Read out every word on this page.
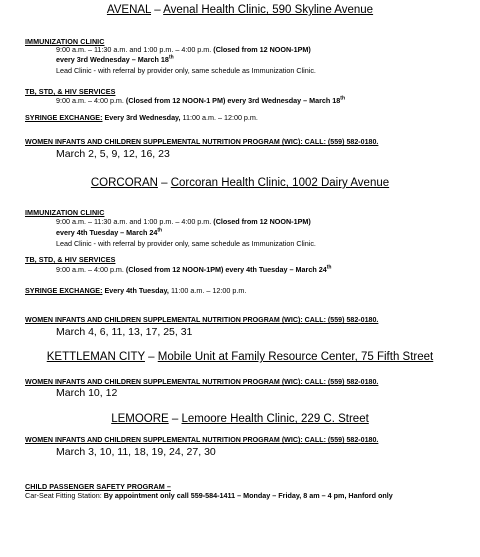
AVENAL – Avenal Health Clinic, 590 Skyline Avenue
IMMUNIZATION CLINIC
9:00 a.m. – 11:30 a.m. and 1:00 p.m. – 4:00 p.m. (Closed from 12 NOON-1PM)
every 3rd Wednesday – March 18th
Lead Clinic - with referral by provider only, same schedule as Immunization Clinic.
TB, STD, & HIV SERVICES
9:00 a.m. – 4:00 p.m. (Closed from 12 NOON-1 PM) every 3rd Wednesday – March 18th
SYRINGE EXCHANGE: Every 3rd Wednesday, 11:00 a.m. – 12:00 p.m.
WOMEN INFANTS AND CHILDREN SUPPLEMENTAL NUTRITION PROGRAM (WIC): CALL: (559) 582-0180.
March 2, 5, 9, 12, 16, 23
CORCORAN – Corcoran Health Clinic, 1002 Dairy Avenue
IMMUNIZATION CLINIC
9:00 a.m. – 11:30 a.m. and 1:00 p.m. – 4:00 p.m. (Closed from 12 NOON-1PM)
every 4th Tuesday – March 24th
Lead Clinic - with referral by provider only, same schedule as Immunization Clinic.
TB, STD, & HIV SERVICES
9:00 a.m. – 4:00 p.m. (Closed from 12 NOON-1PM) every 4th Tuesday – March 24th
SYRINGE EXCHANGE: Every 4th Tuesday, 11:00 a.m. – 12:00 p.m.
WOMEN INFANTS AND CHILDREN SUPPLEMENTAL NUTRITION PROGRAM (WIC): CALL: (559) 582-0180.
March 4, 6, 11, 13, 17, 25, 31
KETTLEMAN CITY – Mobile Unit at Family Resource Center, 75 Fifth Street
WOMEN INFANTS AND CHILDREN SUPPLEMENTAL NUTRITION PROGRAM (WIC): CALL: (559) 582-0180.
March 10, 12
LEMOORE – Lemoore Health Clinic, 229 C. Street
WOMEN INFANTS AND CHILDREN SUPPLEMENTAL NUTRITION PROGRAM (WIC): CALL: (559) 582-0180.
March 3, 10, 11, 18, 19, 24, 27, 30
CHILD PASSENGER SAFETY PROGRAM –
Car-Seat Fitting Station: By appointment only call 559-584-1411 – Monday – Friday, 8 am – 4 pm, Hanford only
